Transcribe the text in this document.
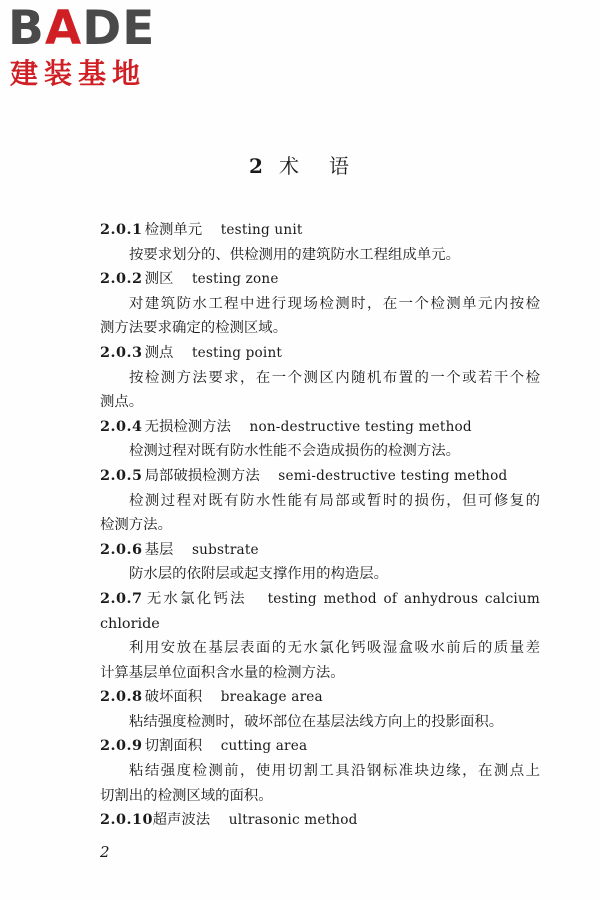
BADE
建装基地
2 术 语
2.0.1 检测单元 testing unit
按要求划分的、供检测用的建筑防水工程组成单元。
2.0.2 测区 testing zone
对建筑防水工程中进行现场检测时，在一个检测单元内按检
测方法要求确定的检测区域。
2.0.3 测点 testing point
按检测方法要求，在一个测区内随机布置的一个或若干个检
测点。
2.0.4 无损检测方法 non-destructive testing method
检测过程对既有防水性能不会造成损伤的检测方法。
2.0.5 局部破损检测方法 semi-destructive testing method
检测过程对既有防水性能有局部或暂时的损伤，但可修复的
检测方法。
2.0.6 基层 substrate
防水层的依附层或起支撑作用的构造层。
2.0.7 无水氯化钙法 testing method of anhydrous calcium
chloride
利用安放在基层表面的无水氯化钙吸湿盒吸水前后的质量差
计算基层单位面积含水量的检测方法。
2.0.8 破坏面积 breakage area
粘结强度检测时，破坏部位在基层法线方向上的投影面积。
2.0.9 切割面积 cutting area
粘结强度检测前，使用切割工具沿钢标准块边缘，在测点上
切割出的检测区域的面积。
2.0.10 超声波法 ultrasonic method
2
